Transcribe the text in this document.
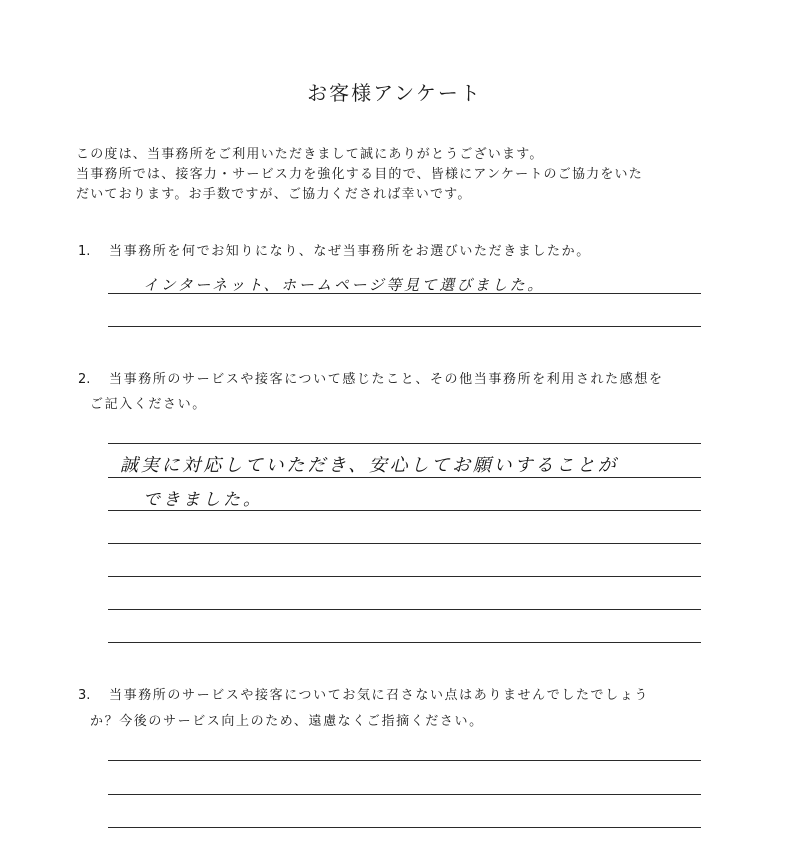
お客様アンケート
この度は、当事務所をご利用いただきまして誠にありがとうございます。
当事務所では、接客力・サービス力を強化する目的で、皆様にアンケートのご協力をいた
だいております。お手数ですが、ご協力くだされば幸いです。
1. 当事務所を何でお知りになり、なぜ当事務所をお選びいただきましたか。
インターネット、ホームページ等見て選びました。
2. 当事務所のサービスや接客について感じたこと、その他当事務所を利用された感想を
ご記入ください。
誠実に対応していただき、安心してお願いすることが
できました。
3. 当事務所のサービスや接客についてお気に召さない点はありませんでしたでしょう
か？今後のサービス向上のため、遠慮なくご指摘ください。
